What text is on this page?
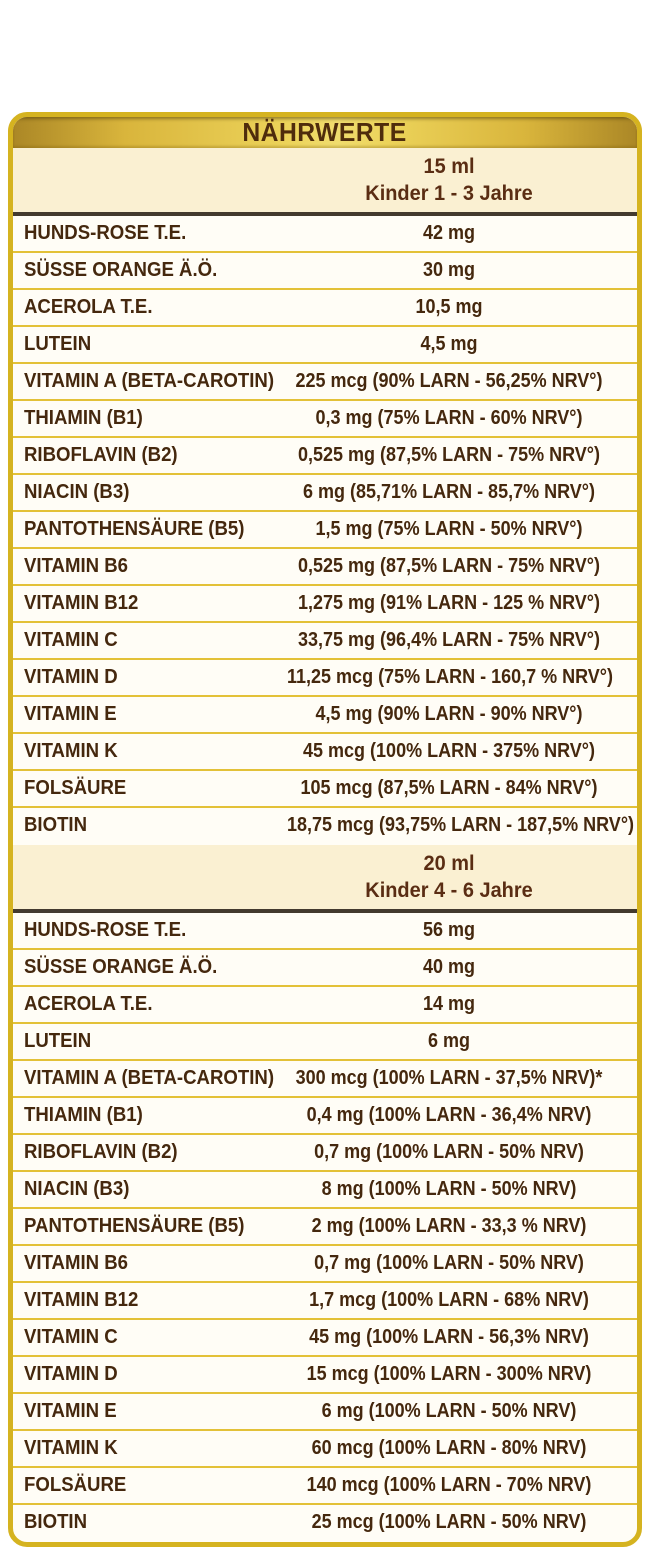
NÄHRWERTE
15 ml
Kinder 1 - 3 Jahre
HUNDS-ROSE T.E.	42 mg
SÜSSE ORANGE Ä.Ö.	30 mg
ACEROLA T.E.	10,5 mg
LUTEIN	4,5 mg
VITAMIN A (BETA-CAROTIN)	225 mcg (90% LARN - 56,25% NRV°)
THIAMIN (B1)	0,3 mg (75% LARN - 60% NRV°)
RIBOFLAVIN (B2)	0,525 mg (87,5% LARN - 75% NRV°)
NIACIN (B3)	6 mg (85,71% LARN - 85,7% NRV°)
PANTOTHENSÄURE (B5)	1,5 mg (75% LARN - 50% NRV°)
VITAMIN B6	0,525 mg (87,5% LARN - 75% NRV°)
VITAMIN B12	1,275 mg (91% LARN - 125 % NRV°)
VITAMIN C	33,75 mg (96,4% LARN - 75% NRV°)
VITAMIN D	11,25 mcg (75% LARN - 160,7 % NRV°)
VITAMIN E	4,5 mg (90% LARN - 90% NRV°)
VITAMIN K	45 mcg (100% LARN - 375% NRV°)
FOLSÄURE	105 mcg (87,5% LARN - 84% NRV°)
BIOTIN	18,75 mcg (93,75% LARN - 187,5% NRV°)
20 ml
Kinder 4 - 6 Jahre
HUNDS-ROSE T.E.	56 mg
SÜSSE ORANGE Ä.Ö.	40 mg
ACEROLA T.E.	14 mg
LUTEIN	6 mg
VITAMIN A (BETA-CAROTIN)	300 mcg (100% LARN - 37,5% NRV)*
THIAMIN (B1)	0,4 mg (100% LARN - 36,4% NRV)
RIBOFLAVIN (B2)	0,7 mg (100% LARN - 50% NRV)
NIACIN (B3)	8 mg (100% LARN - 50% NRV)
PANTOTHENSÄURE (B5)	2 mg (100% LARN - 33,3 % NRV)
VITAMIN B6	0,7 mg (100% LARN - 50% NRV)
VITAMIN B12	1,7 mcg (100% LARN - 68% NRV)
VITAMIN C	45 mg (100% LARN - 56,3% NRV)
VITAMIN D	15 mcg (100% LARN - 300% NRV)
VITAMIN E	6 mg (100% LARN - 50% NRV)
VITAMIN K	60 mcg (100% LARN - 80% NRV)
FOLSÄURE	140 mcg (100% LARN - 70% NRV)
BIOTIN	25 mcg (100% LARN - 50% NRV)
